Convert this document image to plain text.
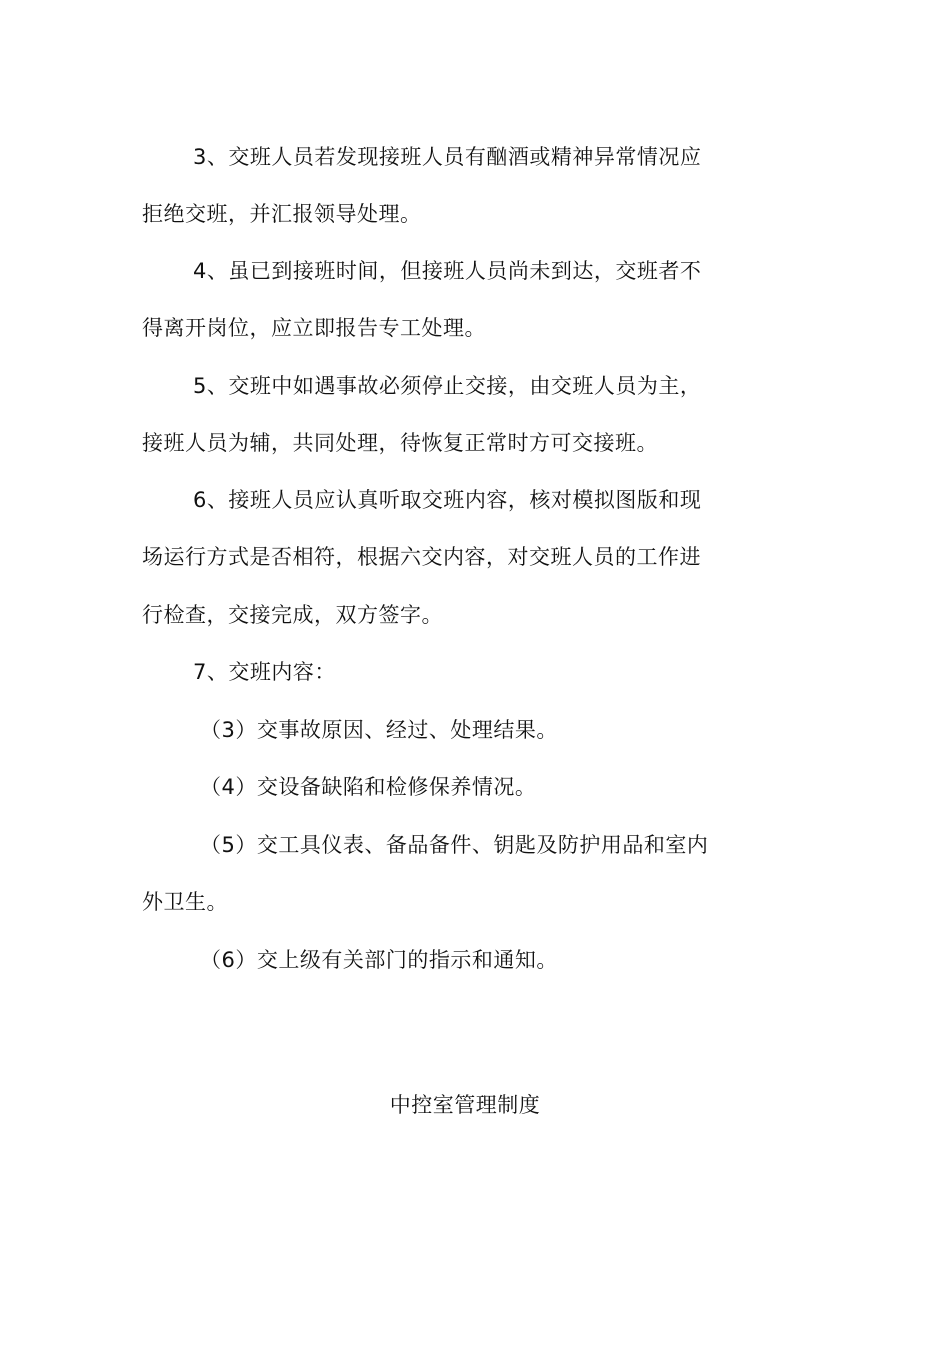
3、交班人员若发现接班人员有酗酒或精神异常情况应
拒绝交班，并汇报领导处理。
4、虽已到接班时间，但接班人员尚未到达，交班者不
得离开岗位，应立即报告专工处理。
5、交班中如遇事故必须停止交接，由交班人员为主，
接班人员为辅，共同处理，待恢复正常时方可交接班。
6、接班人员应认真听取交班内容，核对模拟图版和现
场运行方式是否相符，根据六交内容，对交班人员的工作进
行检查，交接完成，双方签字。
7、交班内容：
（3）交事故原因、经过、处理结果。
（4）交设备缺陷和检修保养情况。
（5）交工具仪表、备品备件、钥匙及防护用品和室内
外卫生。
（6）交上级有关部门的指示和通知。
中控室管理制度
